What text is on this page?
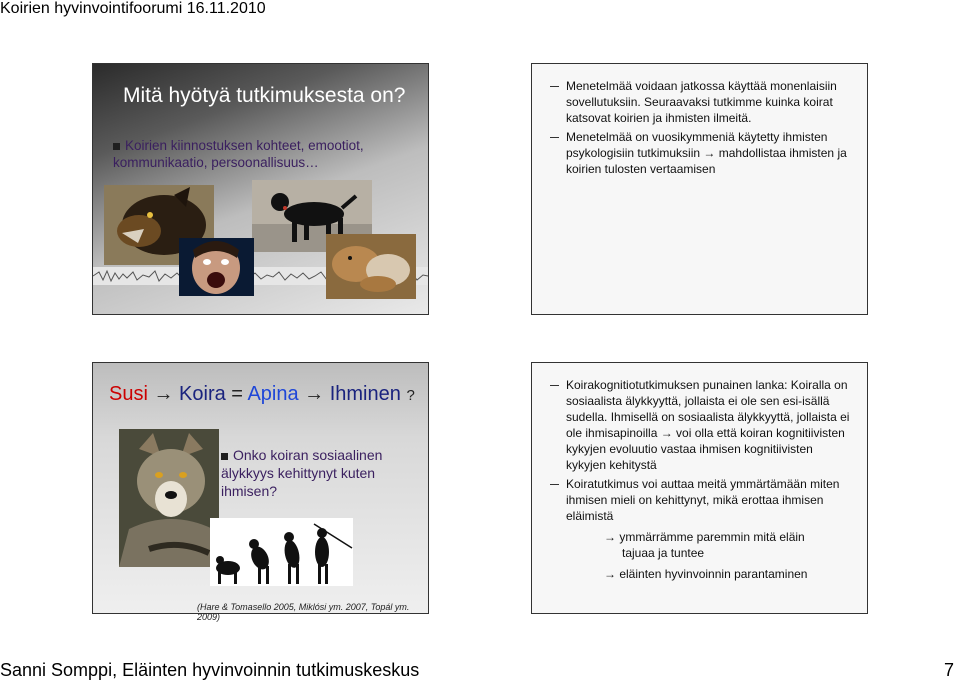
Koirien hyvinvointifoorumi 16.11.2010
Mitä hyötyä tutkimuksesta on?
Koirien kiinnostuksen kohteet, emootiot, kommunikaatio, persoonallisuus…
Menetelmää voidaan jatkossa käyttää monenlaisiin sovellutuksiin. Seuraavaksi tutkimme kuinka koirat katsovat koirien ja ihmisten ilmeitä.
Menetelmää on vuosikymmeniä käytetty ihmisten psykologisiin tutkimuksiin → mahdollistaa ihmisten ja koirien tulosten vertaamisen
Susi → Koira = Apina → Ihminen ?
Onko koiran sosiaalinen älykkyys kehittynyt kuten ihmisen?
(Hare & Tomasello 2005, Miklósi ym. 2007, Topál ym. 2009)
Koirakognitiotutkimuksen punainen lanka: Koiralla on sosiaalista älykkyyttä, jollaista ei ole sen esi-isällä sudella. Ihmisellä on sosiaalista älykkyyttä, jollaista ei ole ihmisapinoilla → voi olla että koiran kognitiivisten kykyjen evoluutio vastaa ihmisen kognitiivisten kykyjen kehitystä
Koiratutkimus voi auttaa meitä ymmärtämään miten ihmisen mieli on kehittynyt, mikä erottaa ihmisen eläimistä
→ ymmärrämme paremmin mitä eläin
tajuaa ja tuntee
→ eläinten hyvinvoinnin parantaminen
Sanni Somppi, Eläinten hyvinvoinnin tutkimuskeskus	7
